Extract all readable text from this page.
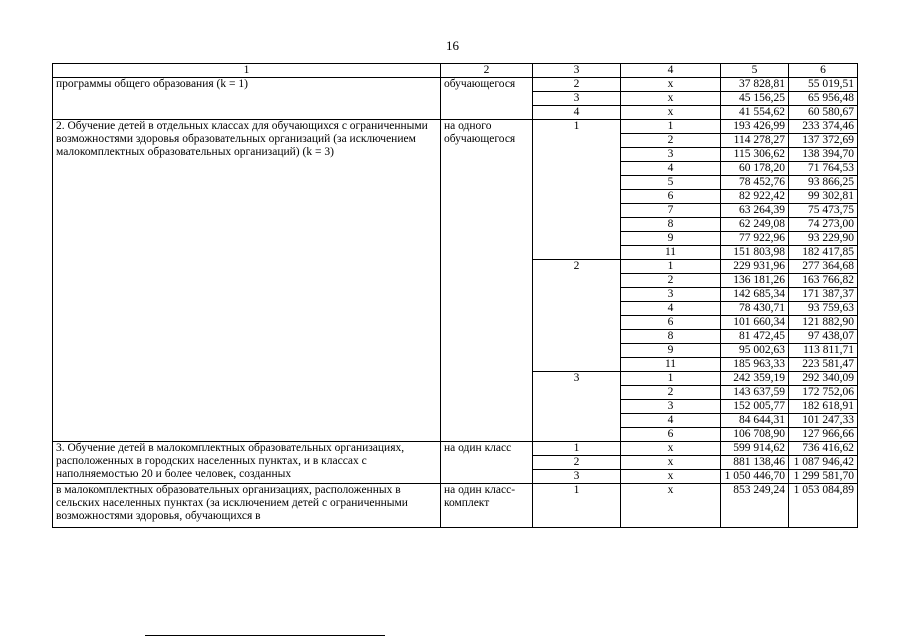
16
1	2	3	4	5	6
программы общего образования (k = 1)	обучающегося	2	x	37 828,81	55 019,51
		3	x	45 156,25	65 956,48
		4	x	41 554,62	60 580,67
2. Обучение детей в отдельных классах для обучающихся с ограниченными возможностями здоровья образовательных организаций (за исключением малокомплектных образовательных организаций) (k = 3)	на одного обучающегося	1	1	193 426,99	233 374,46
			2	114 278,27	137 372,69
			3	115 306,62	138 394,70
			4	60 178,20	71 764,53
			5	78 452,76	93 866,25
			6	82 922,42	99 302,81
			7	63 264,39	75 473,75
			8	62 249,08	74 273,00
			9	77 922,96	93 229,90
			11	151 803,98	182 417,85
		2	1	229 931,96	277 364,68
			2	136 181,26	163 766,82
			3	142 685,34	171 387,37
			4	78 430,71	93 759,63
			6	101 660,34	121 882,90
			8	81 472,45	97 438,07
			9	95 002,63	113 811,71
			11	185 963,33	223 581,47
		3	1	242 359,19	292 340,09
			2	143 637,59	172 752,06
			3	152 005,77	182 618,91
			4	84 644,31	101 247,33
			6	106 708,90	127 966,66
3. Обучение детей в малокомплектных образовательных организациях, расположенных в городских населенных пунктах, и в классах с наполняемостью 20 и более человек, созданных	на один класс	1	x	599 914,62	736 416,62
		2	x	881 138,46	1 087 946,42
		3	x	1 050 446,70	1 299 581,70
в малокомплектных образовательных организациях, расположенных в сельских населенных пунктах (за исключением детей с ограниченными возможностями здоровья, обучающихся в	на один класс-комплект	1	x	853 249,24	1 053 084,89
